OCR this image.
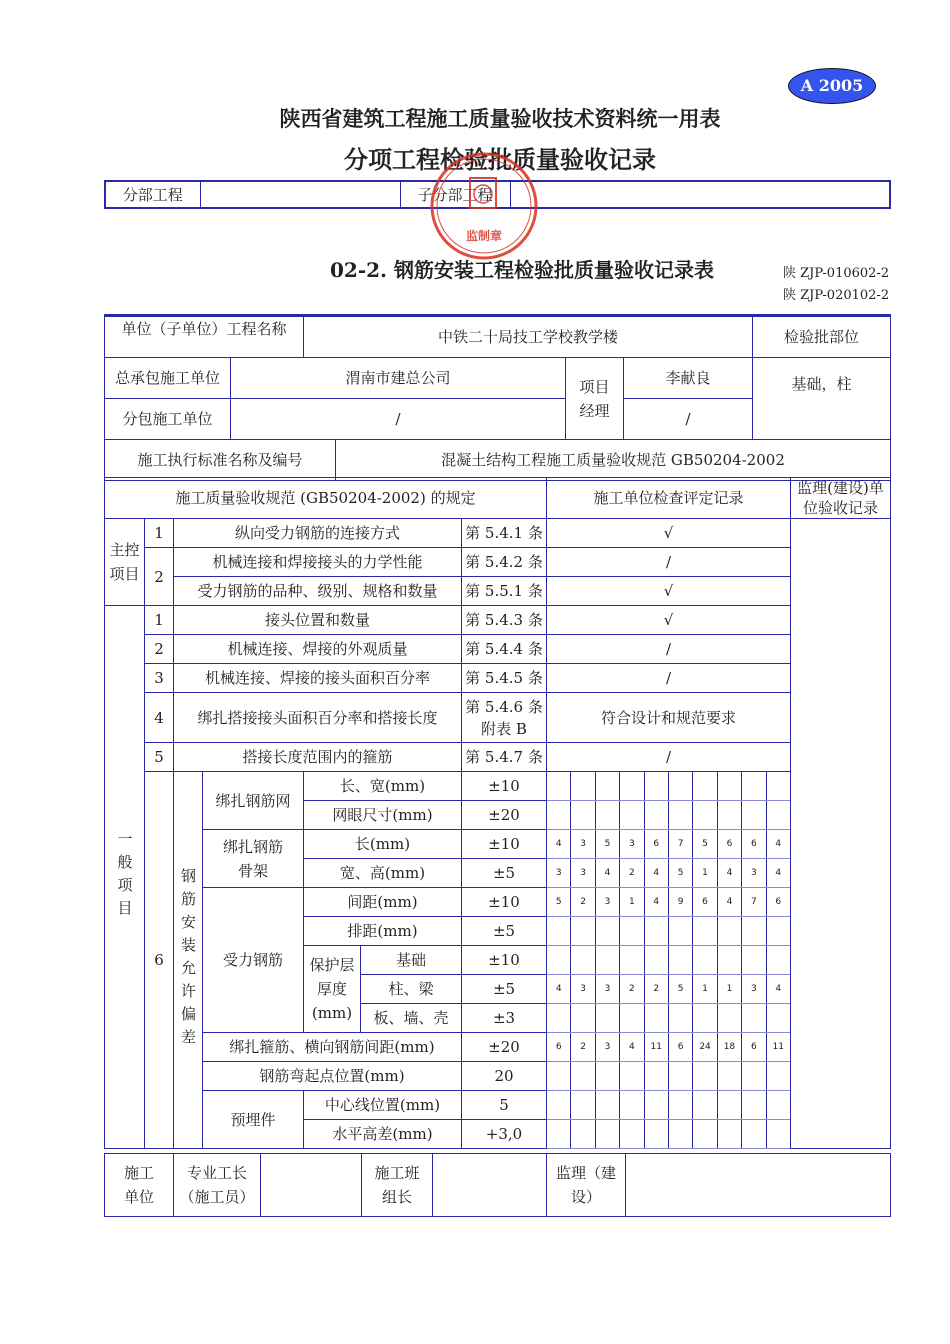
A 2005
陕西省建筑工程施工质量验收技术资料统一用表
分项工程检验批质量验收记录
分部工程		子分部工程	
监制章
02-2. 钢筋安装工程检验批质量验收记录表	陕 ZJP-010602-2
陕 ZJP-020102-2
单位（子单位）工程名称		中铁二十局技工学校教学楼				检验批部位
总承包施工单位	渭南市建总公司			项目经理	李献良	基础，柱
分包施工单位	/				/	
施工执行标准名称及编号			混凝土结构工程施工质量验收规范 GB50204-2002			
施工质量验收规范 (GB50204-2002) 的规定							施工单位检查评定记录										监理(建设)单位验收记录
主控项目	1	纵向受力钢筋的连接方式				第 5.4.1 条	√										
	2	机械连接和焊接接头的力学性能				第 5.4.2 条	/										
		受力钢筋的品种、级别、规格和数量				第 5.5.1 条	√										
一般项目	1	接头位置和数量				第 5.4.3 条	√										
	2	机械连接、焊接的外观质量				第 5.4.4 条	/										
	3	机械连接、焊接的接头面积百分率				第 5.4.5 条	/										
	4	绑扎搭接接头面积百分率和搭接长度				第 5.4.6 条 附表 B	符合设计和规范要求										
	5	搭接长度范围内的箍筋				第 5.4.7 条	/										
	6	钢筋安装允许偏差	绑扎钢筋网	长、宽(mm)		±10											
				网眼尺寸(mm)		±20											
			绑扎钢筋骨架	长(mm)		±10	4	3	5	3	6	7	5	6	6	4	
				宽、高(mm)		±5	3	3	4	2	4	5	1	4	3	4	
			受力钢筋	间距(mm)		±10	5	2	3	1	4	9	6	4	7	6	
				排距(mm)		±5											
				保护层厚度(mm)	基础	±10											
					柱、梁	±5	4	3	3	2	2	5	1	1	3	4	
					板、墙、壳	±3											
			绑扎箍筋、横向钢筋间距(mm)			±20	6	2	3	4	11	6	24	18	6	11	
			钢筋弯起点位置(mm)			20											
			预埋件	中心线位置(mm)		5											
				水平高差(mm)		+3,0											
施工单位	专业工长（施工员）		施工班组长		监理（建设）	
